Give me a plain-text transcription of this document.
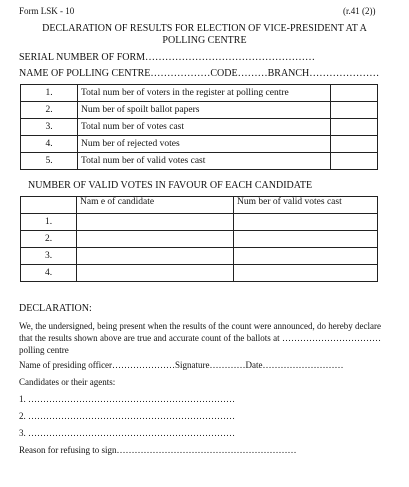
Form LSK - 10	(r.41 (2))
DECLARATION OF RESULTS FOR ELECTION OF VICE-PRESIDENT AT A
POLLING CENTRE
SERIAL NUMBER OF FORM……………………………………………
NAME OF POLLING CENTRE………………CODE………BRANCH…………………
1.	Total num ber of voters in the register at polling centre	
2.	Num ber of spoilt ballot papers	
3.	Total num ber of votes cast	
4.	Num ber of rejected votes	
5.	Total num ber of valid votes cast	
NUMBER OF VALID VOTES IN FAVOUR OF EACH CANDIDATE
	Nam e of candidate	Num ber of valid votes cast
1.		
2.		
3.		
4.		
DECLARATION:
We, the undersigned, being present when the results of the count were announced, do hereby declare that the results shown above are true and accurate count of the ballots at ……………………………polling centre
Name of presiding officer…………………Signature…………Date………………………
Candidates or their agents:
1. ……………………………………………………………
2. ……………………………………………………………
3. ……………………………………………………………
Reason for refusing to sign……………………………………………………
